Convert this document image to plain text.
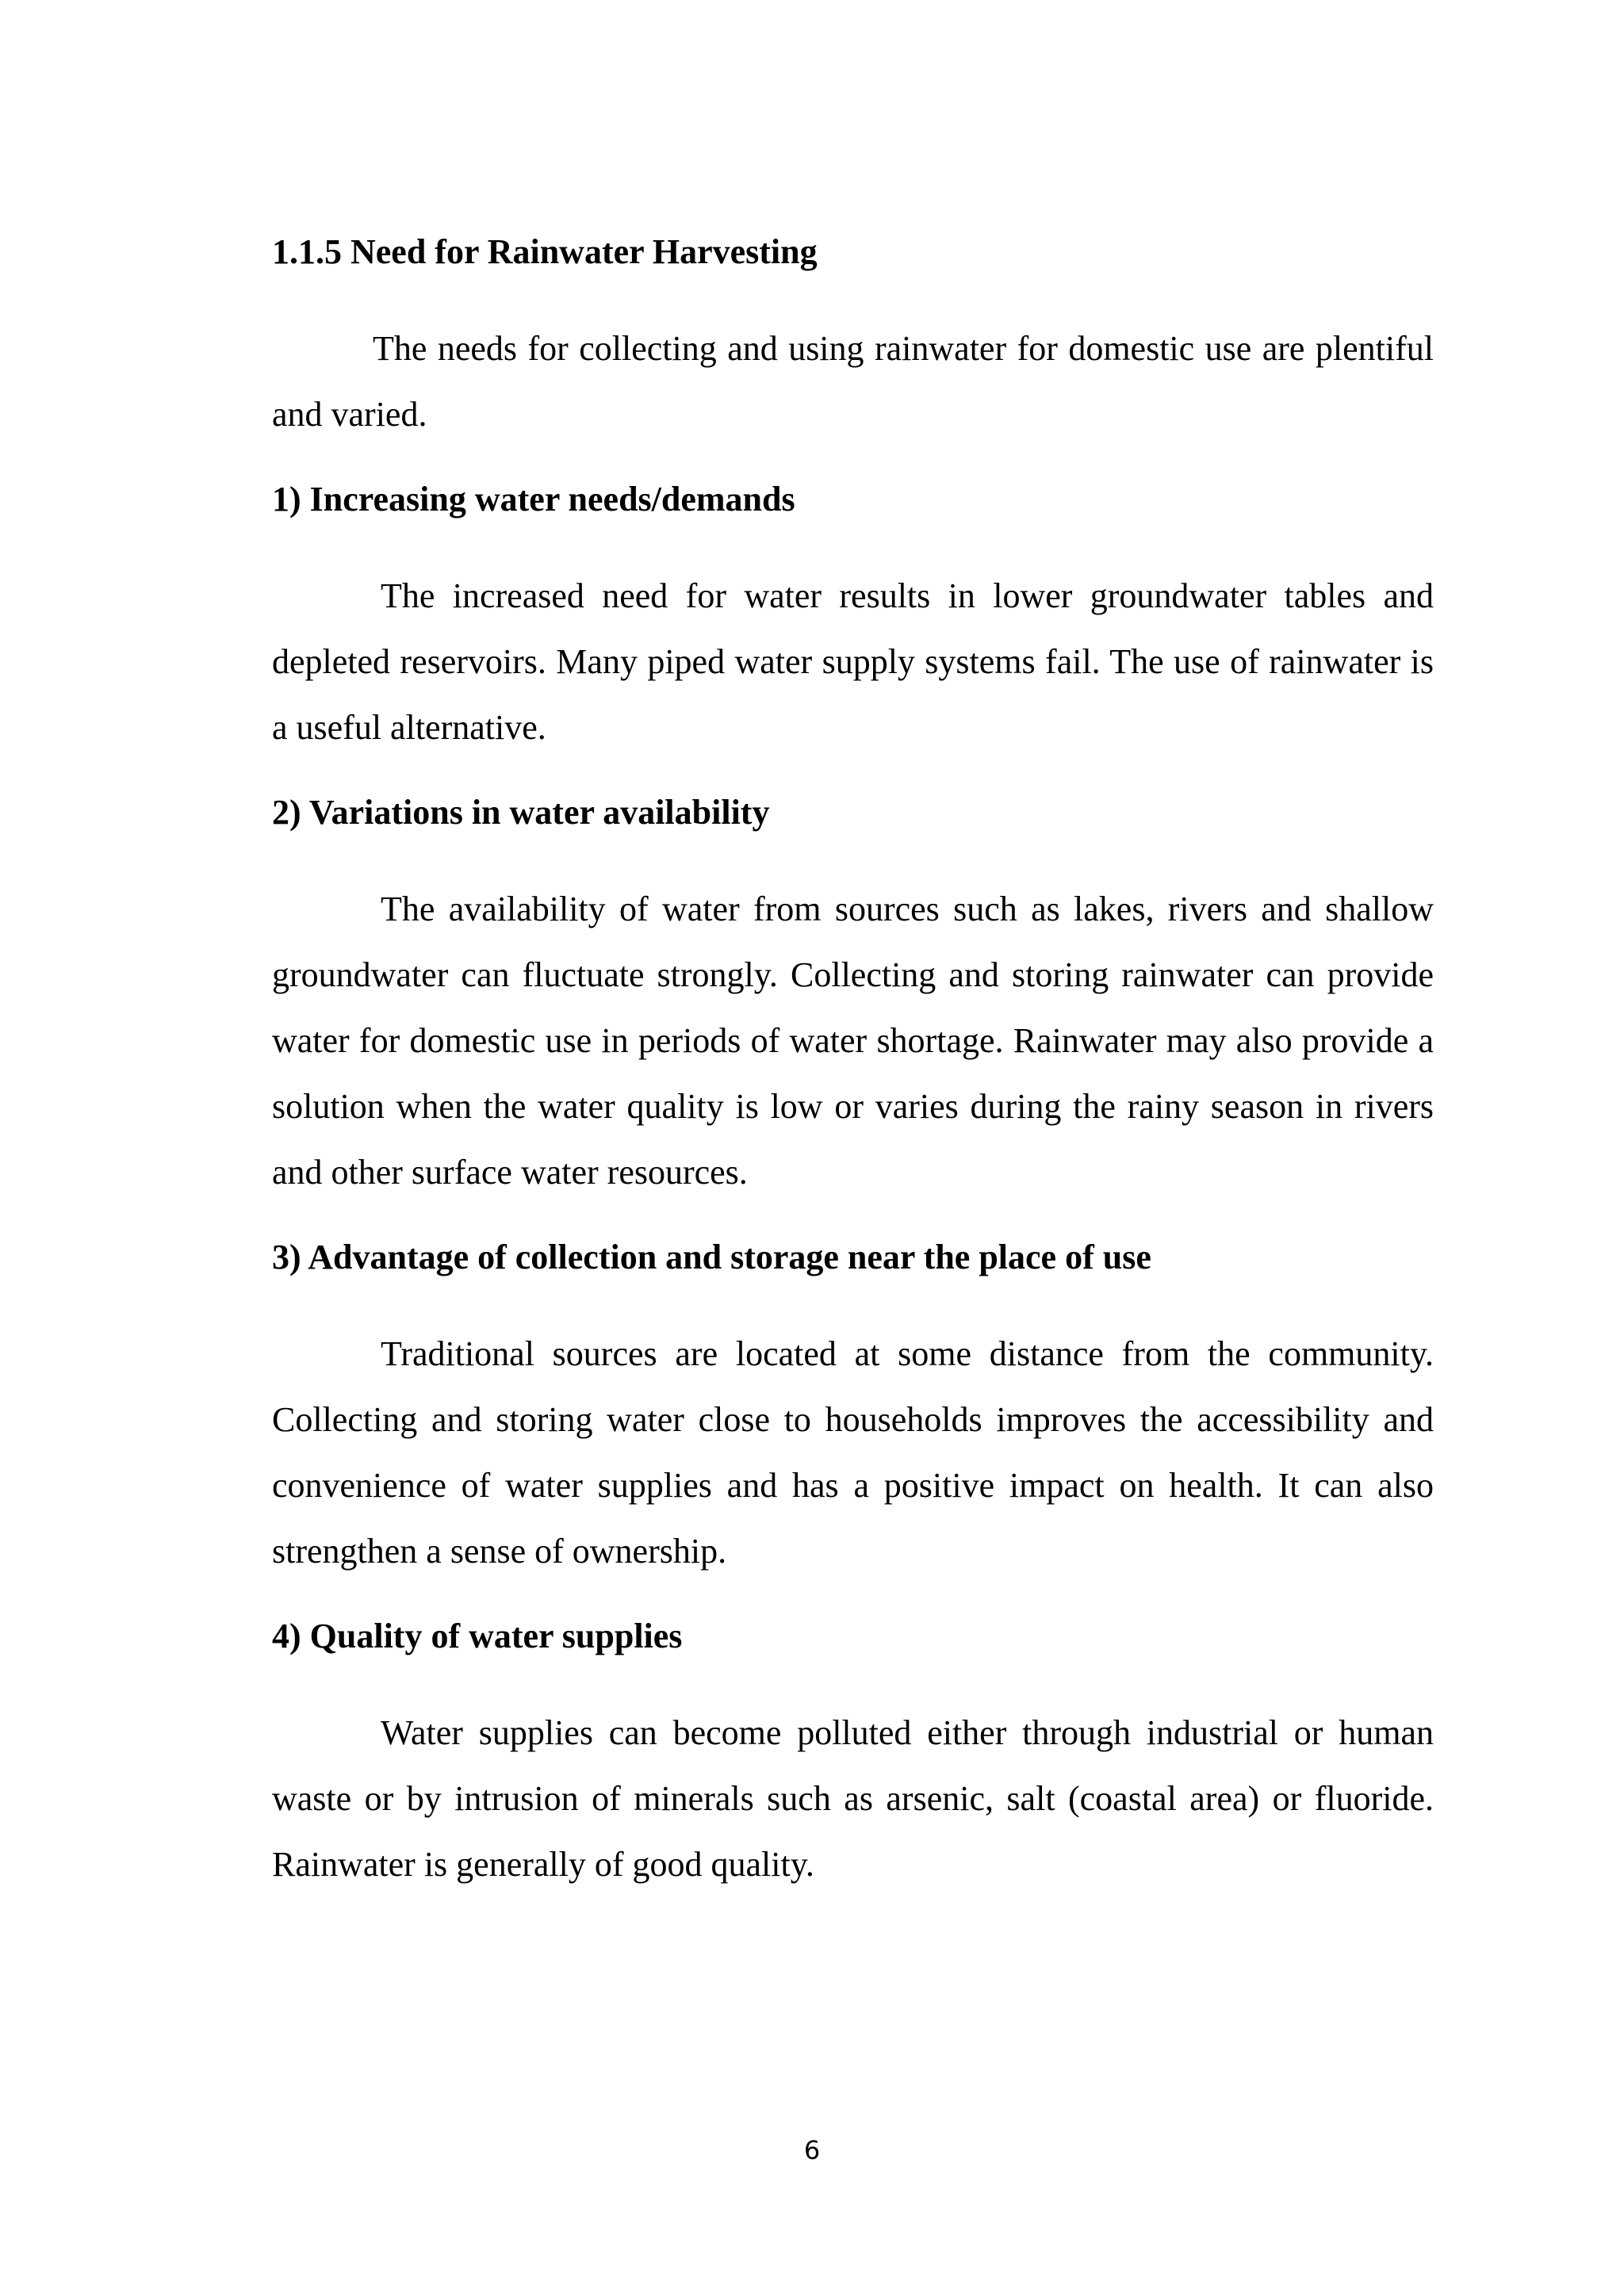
1.1.5 Need for Rainwater Harvesting

The needs for collecting and using rainwater for domestic use are plentiful and varied.

1) Increasing water needs/demands

The increased need for water results in lower groundwater tables and depleted reservoirs. Many piped water supply systems fail. The use of rainwater is a useful alternative.

2) Variations in water availability

The availability of water from sources such as lakes, rivers and shallow groundwater can fluctuate strongly. Collecting and storing rainwater can provide water for domestic use in periods of water shortage. Rainwater may also provide a solution when the water quality is low or varies during the rainy season in rivers and other surface water resources.

3) Advantage of collection and storage near the place of use

Traditional sources are located at some distance from the community. Collecting and storing water close to households improves the accessibility and convenience of water supplies and has a positive impact on health. It can also strengthen a sense of ownership.

4) Quality of water supplies

Water supplies can become polluted either through industrial or human waste or by intrusion of minerals such as arsenic, salt (coastal area) or fluoride. Rainwater is generally of good quality.

6
